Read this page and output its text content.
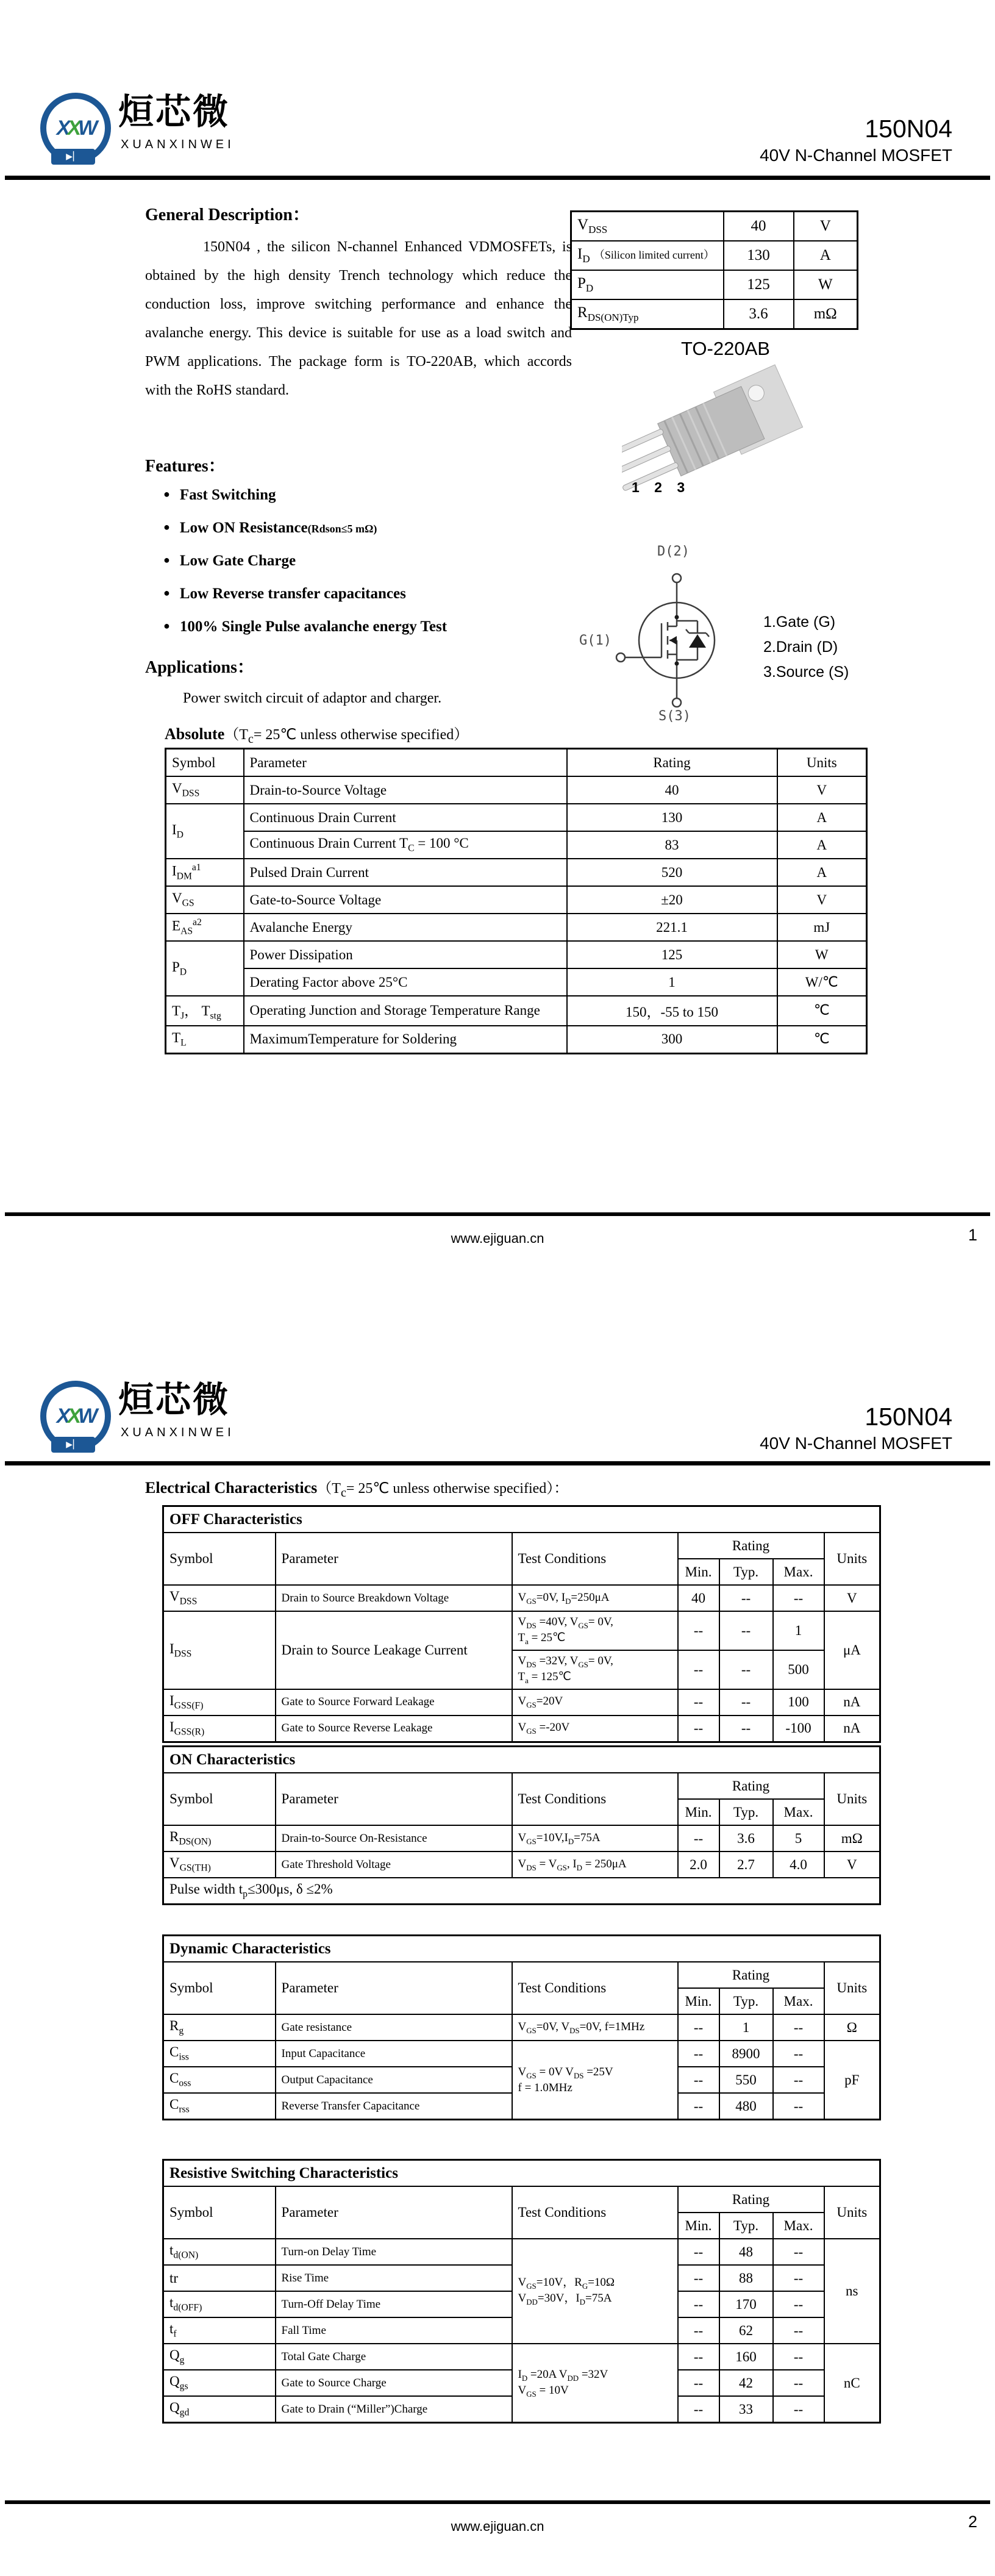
XXW
▶▏ 烜芯微
XUANXINWEI
150N04
40V N-Channel MOSFET
General Description：
150N04 , the silicon N-channel Enhanced VDMOSFETs, is obtained by the high density Trench technology which reduce the conduction loss, improve switching performance and enhance the avalanche energy. This device is suitable for use as a load switch and PWM applications. The package form is TO-220AB, which accords with the RoHS standard.
$V_{DSS}$	40	V
$I_D$ （Silicon limited current）	130	A
$P_D$	125	W
$R_{DS(ON)Typ}$	3.6	mΩ
TO-220AB
1 2 3
Features：
● Fast Switching
● Low ON Resistance(Rdson≤5 mΩ)
● Low Gate Charge
● Low Reverse transfer capacitances
● 100% Single Pulse avalanche energy Test
Applications：
Power switch circuit of adaptor and charger.
D(2)
G(1)
S(3)
1.Gate (G)
2.Drain (D)
3.Source (S)
$Absolute(T_c=$ 25℃ unless otherwise specified）
Symbol	Parameter	Rating	Units
$V_{DSS}$	Drain-to-Source Voltage	40	V
$I_D$	Continuous Drain Current	130	A
	Continuous Drain Current $T_C = 100$ °C	83	A
$I_{DM}^{a1}$	Pulsed Drain Current	520	A
$V_{GS}$	Gate-to-Source Voltage	±20	V
$E_{AS}^{a2}$	Avalanche Energy	221.1	mJ
$P_D$	Power Dissipation	125	W
	Derating Factor above 25°C	1	W/℃
$T_J$， $T_{stg}$	Operating Junction and Storage Temperature Range	150，-55 to 150	℃
$T_L$	MaximumTemperature for Soldering	300	℃
www.ejiguan.cn	1
XXW
▶▏ 烜芯微
XUANXINWEI
150N04
40V N-Channel MOSFET
Electrical $Characteristics(T_c=$ 25℃ unless otherwise specified）：
OFF Characteristics						
Symbol	Parameter	Test Conditions	Rating			Units
			Min.	Typ.	Max.	
$V_{DSS}$	Drain to Source Breakdown Voltage	$V_{GS}=0V$, $I_D=250\mu A$	40	--	--	V
$I_{DSS}$	Drain to Source Leakage Current	$V_{DS} =40V$, $V_{GS}= 0V$,
$T_a$ = 25℃	--	--	1	μA
		$V_{DS} =32V$, $V_{GS}= 0V$,
$T_a$ = 125℃	--	--	500	
$I_{GSS(F)}$	Gate to Source Forward Leakage	$V_{GS}=20V$	--	--	100	nA
$I_{GSS(R)}$	Gate to Source Reverse Leakage	$V_{GS} =-20V$	--	--	-100	nA
ON Characteristics						
Symbol	Parameter	Test Conditions	Rating			Units
			Min.	Typ.	Max.	
$R_{DS(ON)}$	Drain-to-Source On-Resistance	$V_{GS}=10V,I_D=75A$	--	3.6	5	mΩ
$V_{GS(TH)}$	Gate Threshold Voltage	$V_{DS} = V_{GS}$, $I_D = 250\mu A$	2.0	2.7	4.0	V
Pulse width $t_p\le 300\mu s$, δ ≤2%						
Dynamic Characteristics						
Symbol	Parameter	Test Conditions	Rating			Units
			Min.	Typ.	Max.	
$R_g$	Gate resistance	$V_{GS}=0V$, $V_{DS}=0V$, f=1MHz	--	1	--	Ω
$C_{iss}$	Input Capacitance	$V_{GS} = 0V$ $V_{DS} =25V$
f = 1.0MHz	--	8900	--	pF
$C_{oss}$	Output Capacitance		--	550	--	
$C_{rss}$	Reverse Transfer Capacitance		--	480	--	
Resistive Switching Characteristics						
Symbol	Parameter	Test Conditions	Rating			Units
			Min.	Typ.	Max.	
$t_{d(ON)}$	Turn-on Delay Time	$V_{GS}=10V$，$R_G=10\Omega$
$V_{DD}=30V$，$I_D=75A$	--	48	--	ns
tr	Rise Time		--	88	--	
$t_{d(OFF)}$	Turn-Off Delay Time		--	170	--	
$t_f$	Fall Time		--	62	--	
$Q_g$	Total Gate Charge	$I_D =20A$ $V_{DD} =32V$
$V_{GS} = 10V$	--	160	--	nC
$Q_{gs}$	Gate to Source Charge		--	42	--	
$Q_{gd}$	Gate to Drain (“Miller”)Charge		--	33	--	
www.ejiguan.cn	2
